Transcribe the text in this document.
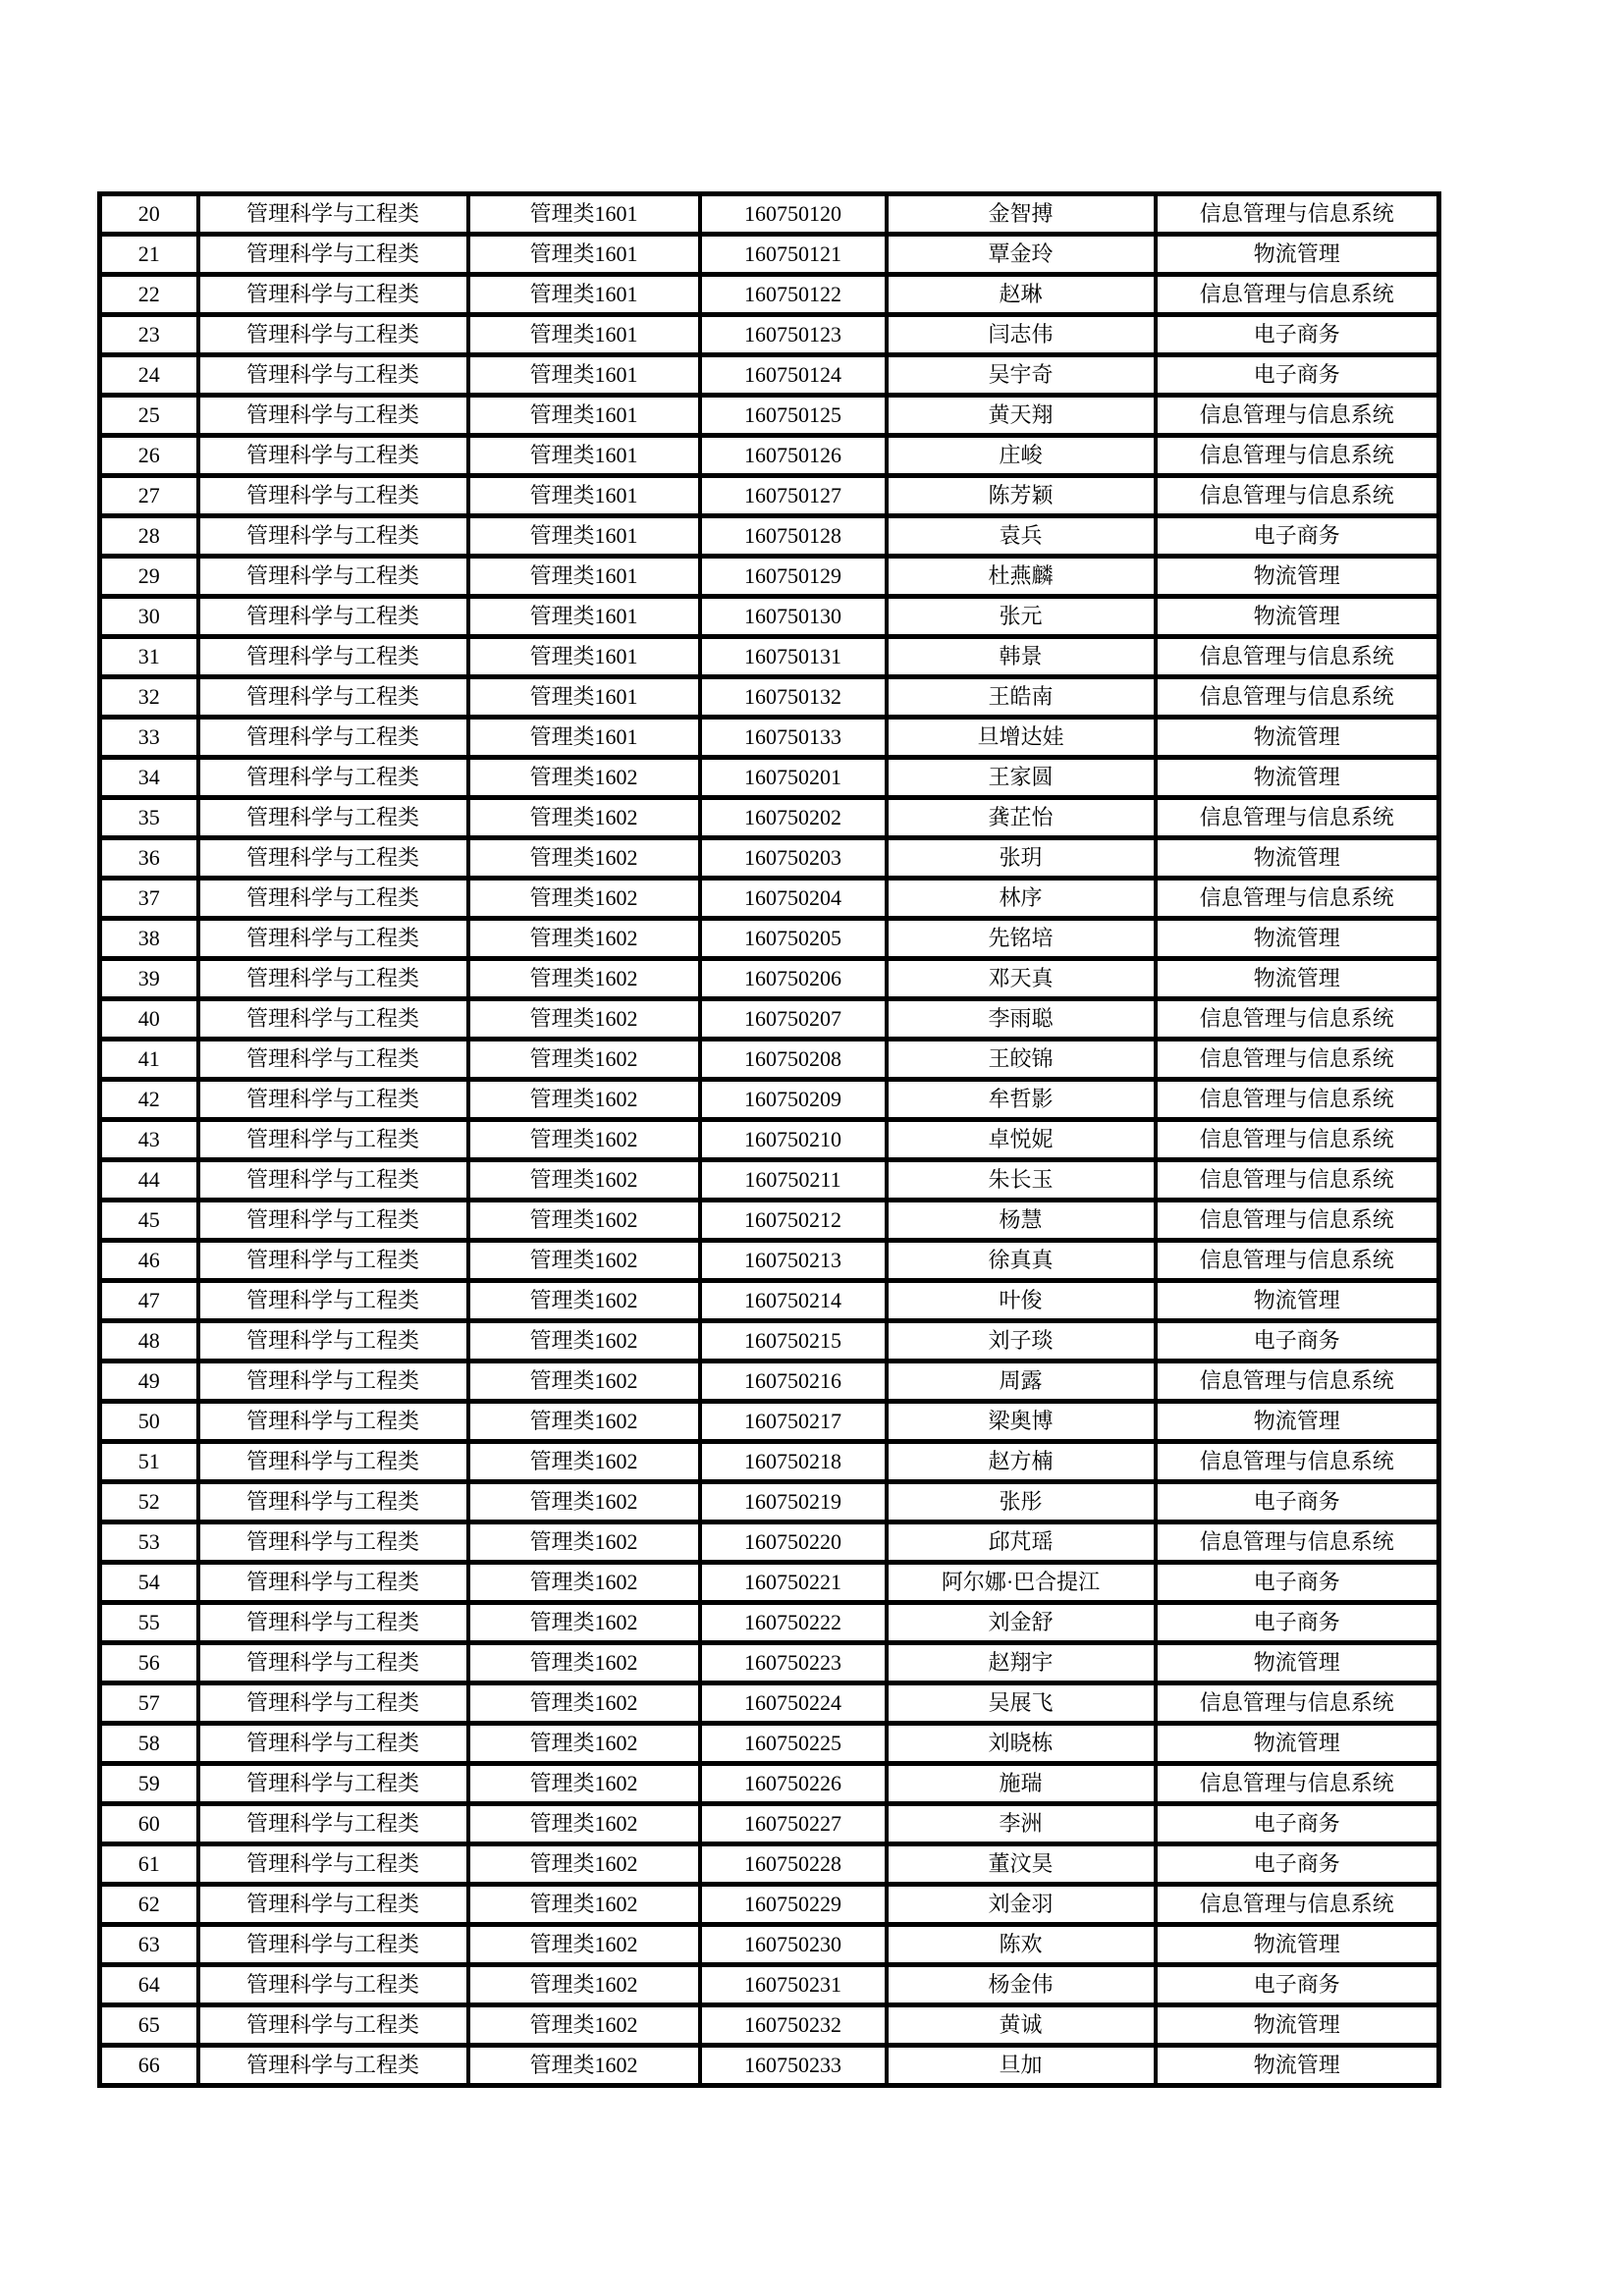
20	管理科学与工程类	管理类1601	160750120	金智搏	信息管理与信息系统
21	管理科学与工程类	管理类1601	160750121	覃金玲	物流管理
22	管理科学与工程类	管理类1601	160750122	赵琳	信息管理与信息系统
23	管理科学与工程类	管理类1601	160750123	闫志伟	电子商务
24	管理科学与工程类	管理类1601	160750124	吴宇奇	电子商务
25	管理科学与工程类	管理类1601	160750125	黄天翔	信息管理与信息系统
26	管理科学与工程类	管理类1601	160750126	庄峻	信息管理与信息系统
27	管理科学与工程类	管理类1601	160750127	陈芳颖	信息管理与信息系统
28	管理科学与工程类	管理类1601	160750128	袁兵	电子商务
29	管理科学与工程类	管理类1601	160750129	杜燕麟	物流管理
30	管理科学与工程类	管理类1601	160750130	张元	物流管理
31	管理科学与工程类	管理类1601	160750131	韩景	信息管理与信息系统
32	管理科学与工程类	管理类1601	160750132	王皓南	信息管理与信息系统
33	管理科学与工程类	管理类1601	160750133	旦增达娃	物流管理
34	管理科学与工程类	管理类1602	160750201	王家圆	物流管理
35	管理科学与工程类	管理类1602	160750202	龚芷怡	信息管理与信息系统
36	管理科学与工程类	管理类1602	160750203	张玥	物流管理
37	管理科学与工程类	管理类1602	160750204	林序	信息管理与信息系统
38	管理科学与工程类	管理类1602	160750205	先铭培	物流管理
39	管理科学与工程类	管理类1602	160750206	邓天真	物流管理
40	管理科学与工程类	管理类1602	160750207	李雨聪	信息管理与信息系统
41	管理科学与工程类	管理类1602	160750208	王皎锦	信息管理与信息系统
42	管理科学与工程类	管理类1602	160750209	牟哲影	信息管理与信息系统
43	管理科学与工程类	管理类1602	160750210	卓悦妮	信息管理与信息系统
44	管理科学与工程类	管理类1602	160750211	朱长玉	信息管理与信息系统
45	管理科学与工程类	管理类1602	160750212	杨慧	信息管理与信息系统
46	管理科学与工程类	管理类1602	160750213	徐真真	信息管理与信息系统
47	管理科学与工程类	管理类1602	160750214	叶俊	物流管理
48	管理科学与工程类	管理类1602	160750215	刘子琰	电子商务
49	管理科学与工程类	管理类1602	160750216	周露	信息管理与信息系统
50	管理科学与工程类	管理类1602	160750217	梁奥博	物流管理
51	管理科学与工程类	管理类1602	160750218	赵方楠	信息管理与信息系统
52	管理科学与工程类	管理类1602	160750219	张彤	电子商务
53	管理科学与工程类	管理类1602	160750220	邱芃瑶	信息管理与信息系统
54	管理科学与工程类	管理类1602	160750221	阿尔娜·巴合提江	电子商务
55	管理科学与工程类	管理类1602	160750222	刘金舒	电子商务
56	管理科学与工程类	管理类1602	160750223	赵翔宇	物流管理
57	管理科学与工程类	管理类1602	160750224	吴展飞	信息管理与信息系统
58	管理科学与工程类	管理类1602	160750225	刘晓栋	物流管理
59	管理科学与工程类	管理类1602	160750226	施瑞	信息管理与信息系统
60	管理科学与工程类	管理类1602	160750227	李洲	电子商务
61	管理科学与工程类	管理类1602	160750228	董汶昊	电子商务
62	管理科学与工程类	管理类1602	160750229	刘金羽	信息管理与信息系统
63	管理科学与工程类	管理类1602	160750230	陈欢	物流管理
64	管理科学与工程类	管理类1602	160750231	杨金伟	电子商务
65	管理科学与工程类	管理类1602	160750232	黄诚	物流管理
66	管理科学与工程类	管理类1602	160750233	旦加	物流管理
